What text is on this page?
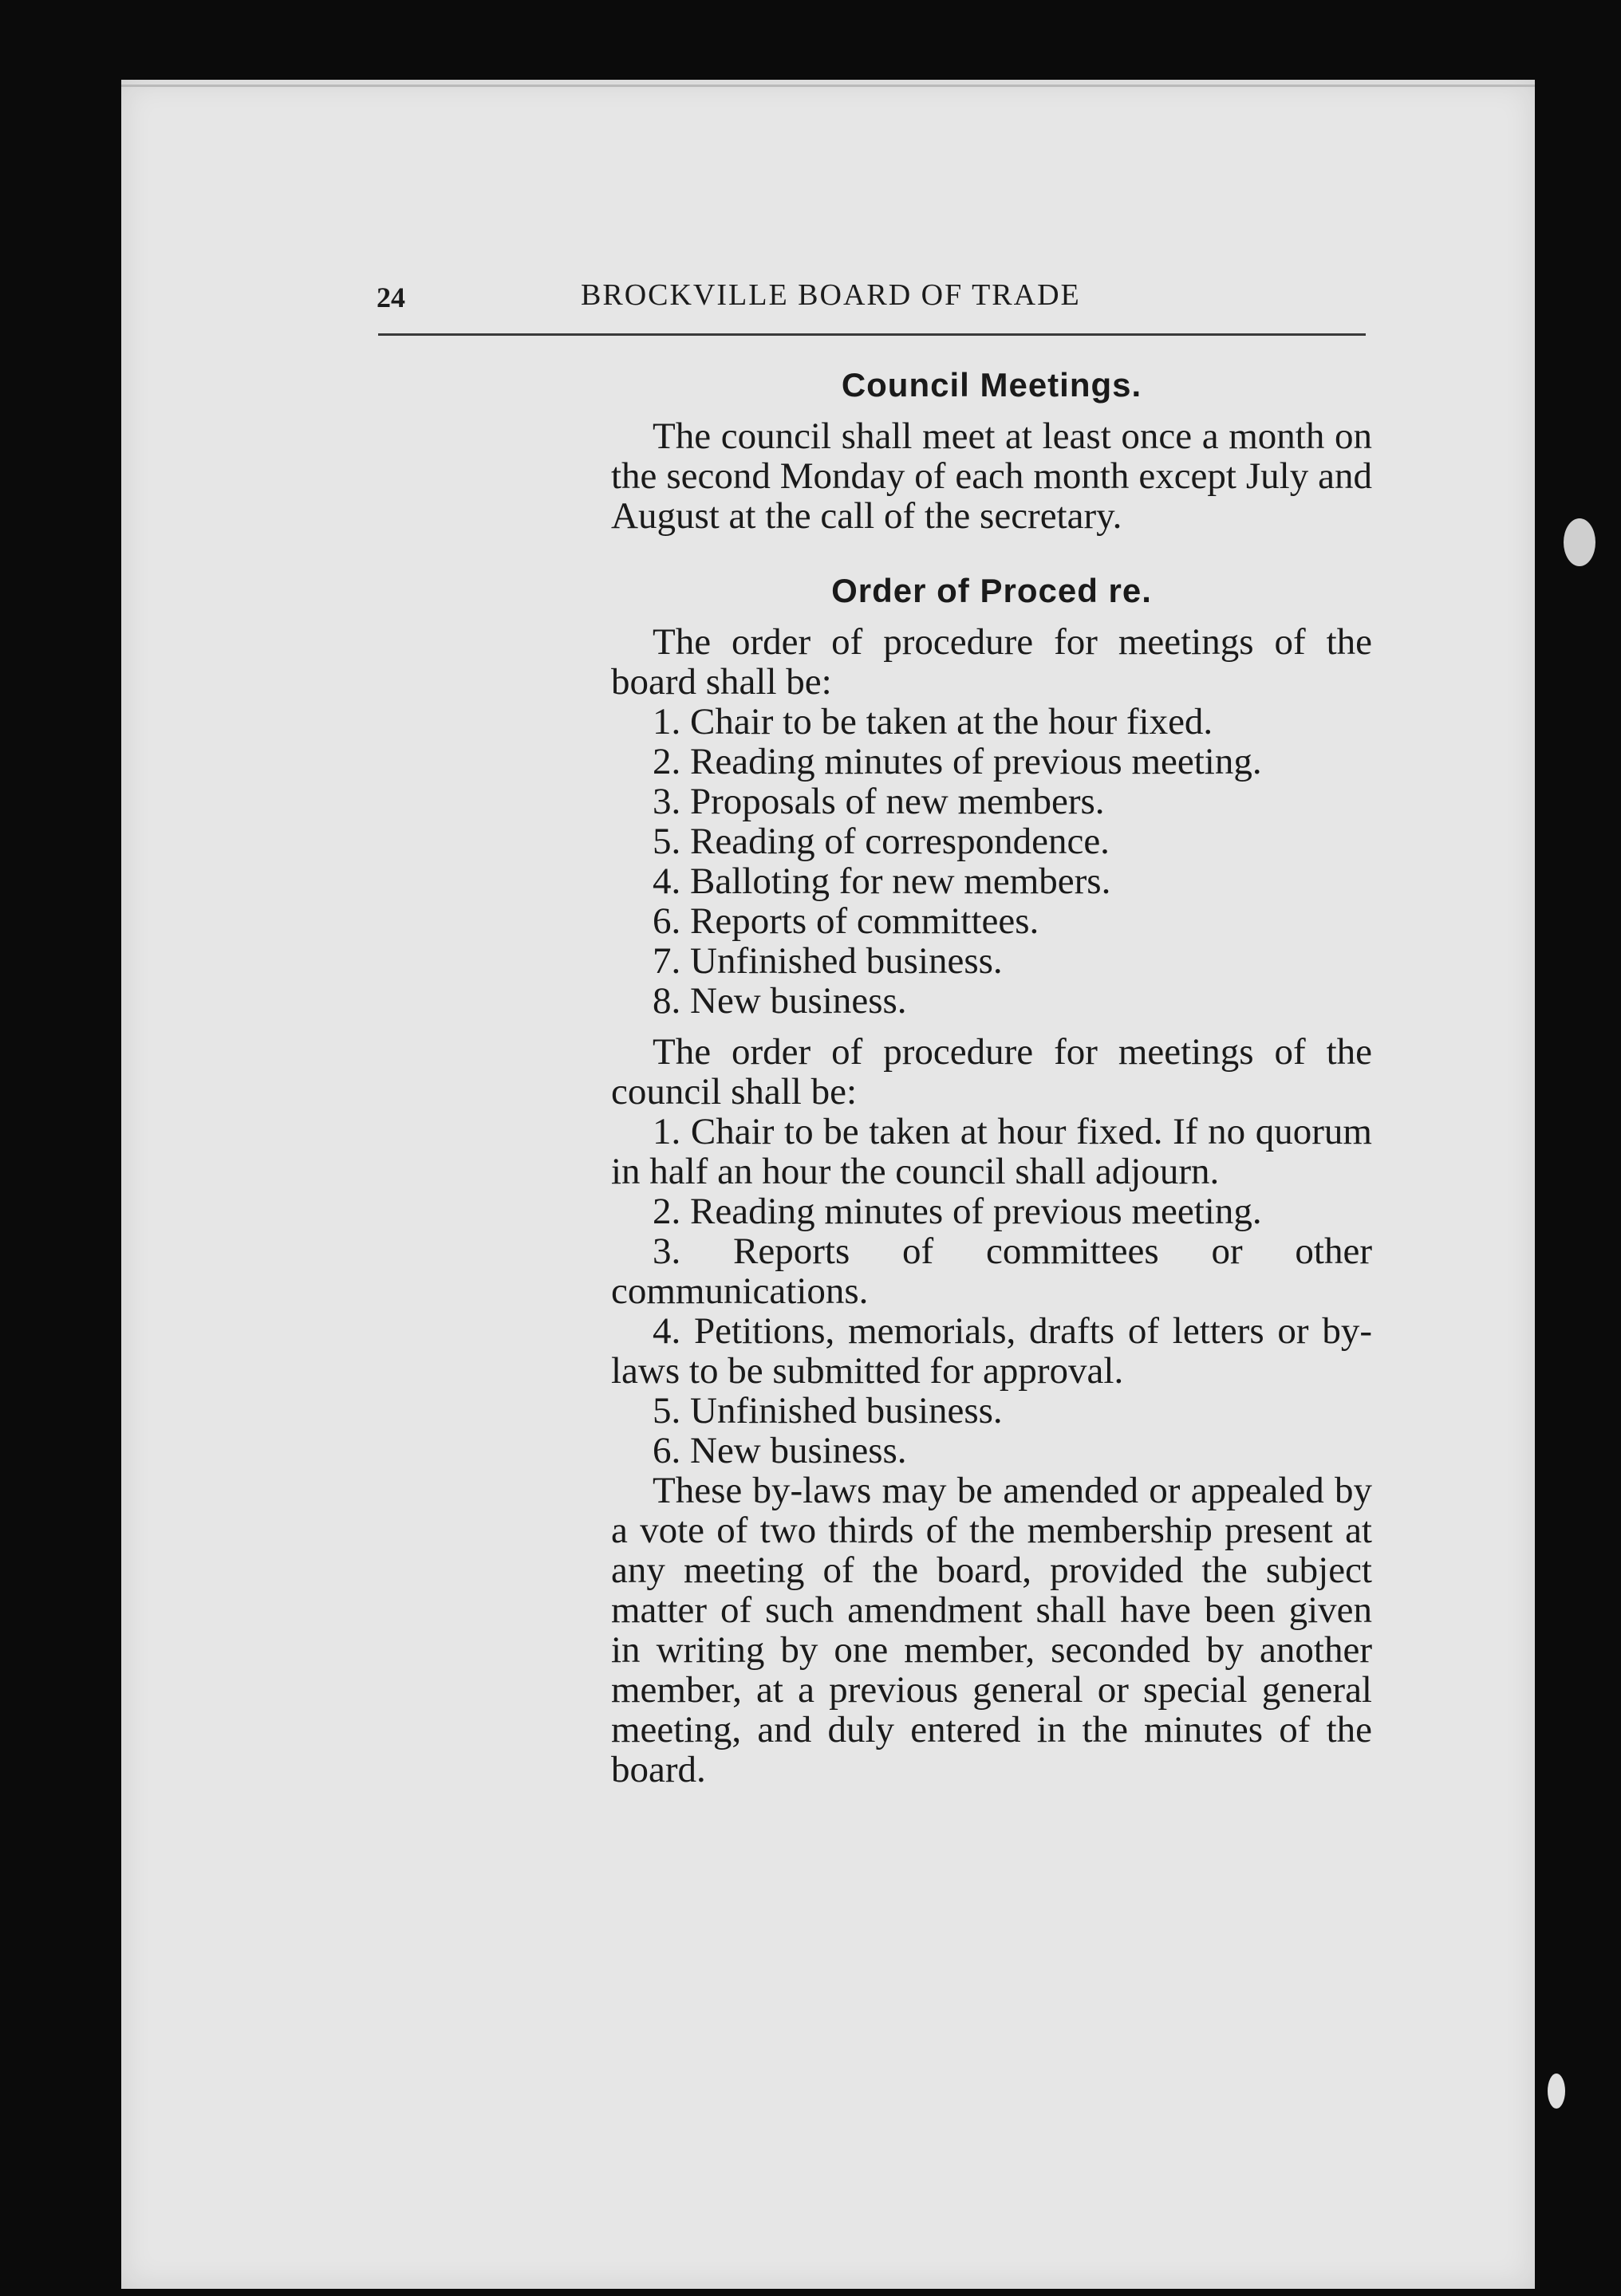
24	BROCKVILLE BOARD OF TRADE
Council Meetings.

The council shall meet at least once a month on the second Monday of each month except July and August at the call of the secretary.

Order of Proced re.

The order of procedure for meetings of the board shall be:

1. Chair to be taken at the hour fixed.

2. Reading minutes of previous meeting.

3. Proposals of new members.

5. Reading of correspondence.

4. Balloting for new members.

6. Reports of committees.

7. Unfinished business.

8. New business.

The order of procedure for meetings of the council shall be:

1. Chair to be taken at hour fixed. If no quorum in half an hour the council shall adjourn.

2. Reading minutes of previous meeting.

3. Reports of committees or other communications.

4. Petitions, memorials, drafts of letters or by-laws to be submitted for approval.

5. Unfinished business.

6. New business.

These by-laws may be amended or appealed by a vote of two thirds of the membership present at any meeting of the board, provided the subject matter of such amendment shall have been given in writing by one member, seconded by another member, at a previous general or special general meeting, and duly entered in the minutes of the board.
